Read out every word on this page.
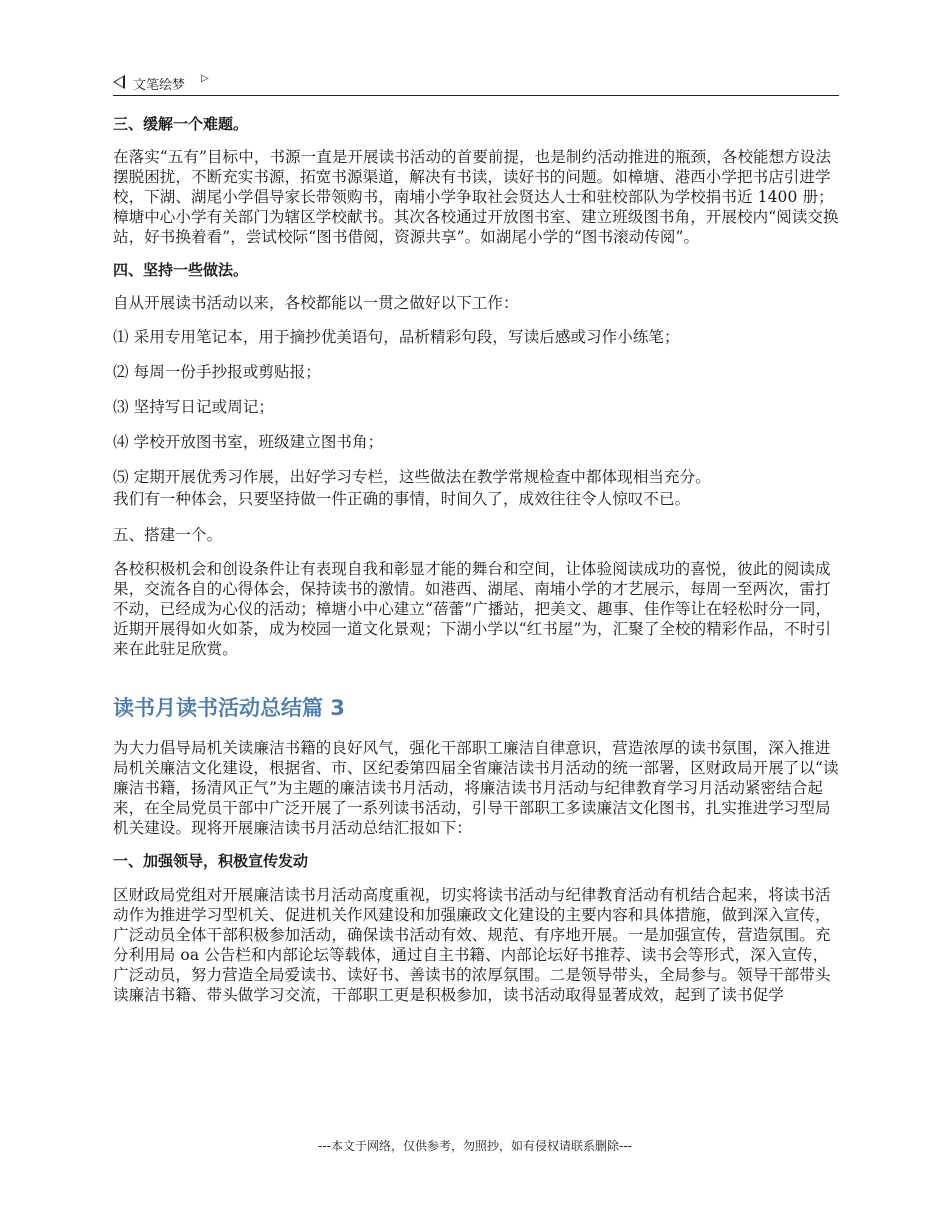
文笔绘梦 ▷
三、缓解一个难题。

在落实“五有”目标中，书源一直是开展读书活动的首要前提，也是制约活动推进的瓶颈，各校能想方设法摆脱困扰，不断充实书源，拓宽书源渠道，解决有书读，读好书的问题。如樟塘、港西小学把书店引进学校，下湖、湖尾小学倡导家长带领购书，南埔小学争取社会贤达人士和驻校部队为学校捐书近 1400 册；樟塘中心小学有关部门为辖区学校献书。其次各校通过开放图书室、建立班级图书角，开展校内“阅读交换站，好书换着看”，尝试校际“图书借阅，资源共享”。如湖尾小学的“图书滚动传阅”。

四、坚持一些做法。

自从开展读书活动以来，各校都能以一贯之做好以下工作：

⑴ 采用专用笔记本，用于摘抄优美语句，品析精彩句段，写读后感或习作小练笔；

⑵ 每周一份手抄报或剪贴报；

⑶ 坚持写日记或周记；

⑷ 学校开放图书室，班级建立图书角；

⑸ 定期开展优秀习作展，出好学习专栏，这些做法在教学常规检查中都体现相当充分。

我们有一种体会，只要坚持做一件正确的事情，时间久了，成效往往令人惊叹不已。

五、搭建一个。

各校积极机会和创设条件让有表现自我和彰显才能的舞台和空间，让体验阅读成功的喜悦，彼此的阅读成果，交流各自的心得体会，保持读书的激情。如港西、湖尾、南埔小学的才艺展示，每周一至两次，雷打不动，已经成为心仪的活动；樟塘小中心建立“蓓蕾”广播站，把美文、趣事、佳作等让在轻松时分一同，近期开展得如火如荼，成为校园一道文化景观；下湖小学以“红书屋”为，汇聚了全校的精彩作品，不时引来在此驻足欣赏。

读书月读书活动总结篇 3

为大力倡导局机关读廉洁书籍的良好风气，强化干部职工廉洁自律意识，营造浓厚的读书氛围，深入推进局机关廉洁文化建设，根据省、市、区纪委第四届全省廉洁读书月活动的统一部署，区财政局开展了以“读廉洁书籍，扬清风正气”为主题的廉洁读书月活动，将廉洁读书月活动与纪律教育学习月活动紧密结合起来，在全局党员干部中广泛开展了一系列读书活动，引导干部职工多读廉洁文化图书，扎实推进学习型局机关建设。现将开展廉洁读书月活动总结汇报如下：

一、加强领导，积极宣传发动

区财政局党组对开展廉洁读书月活动高度重视，切实将读书活动与纪律教育活动有机结合起来，将读书活动作为推进学习型机关、促进机关作风建设和加强廉政文化建设的主要内容和具体措施，做到深入宣传，广泛动员全体干部积极参加活动，确保读书活动有效、规范、有序地开展。一是加强宣传，营造氛围。充分利用局 oa 公告栏和内部论坛等载体，通过自主书籍、内部论坛好书推荐、读书会等形式，深入宣传，广泛动员，努力营造全局爱读书、读好书、善读书的浓厚氛围。二是领导带头，全局参与。领导干部带头读廉洁书籍、带头做学习交流，干部职工更是积极参加，读书活动取得显著成效，起到了读书促学

---本文于网络，仅供参考，勿照抄，如有侵权请联系删除---
